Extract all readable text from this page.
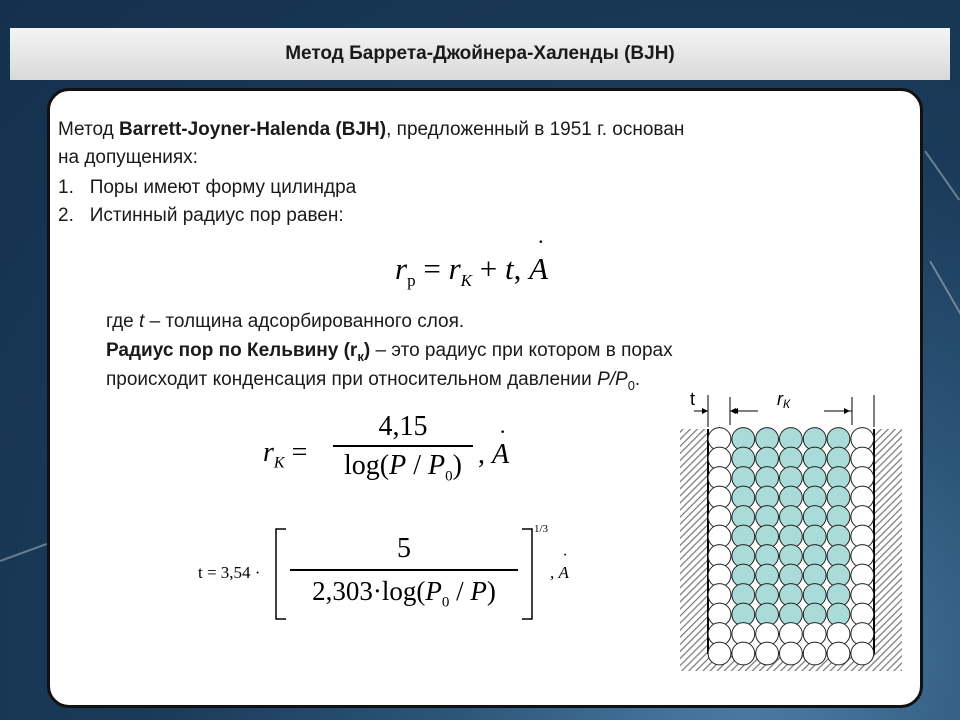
Метод Баррета-Джойнера-Халенды (BJH)
Метод Barrett-Joyner-Halenda (BJH), предложенный в 1951 г. основан
на допущениях:
1. Поры имеют форму цилиндра
2. Истинный радиус пор равен:
$r_p = r_K + t$, A
·
где t – толщина адсорбированного слоя.
Радиус пор по Кельвину $(r_к)$ – это радиус при котором в порах
происходит конденсация при относительном давлении $P/P_0$.
$r_K$ =
4,15
$\log(P / P_0)$ , A
·
t = 3,54 ·
5
$2,303\cdot\log(P_0 / P)$
1/3
, A
·
t	rК
